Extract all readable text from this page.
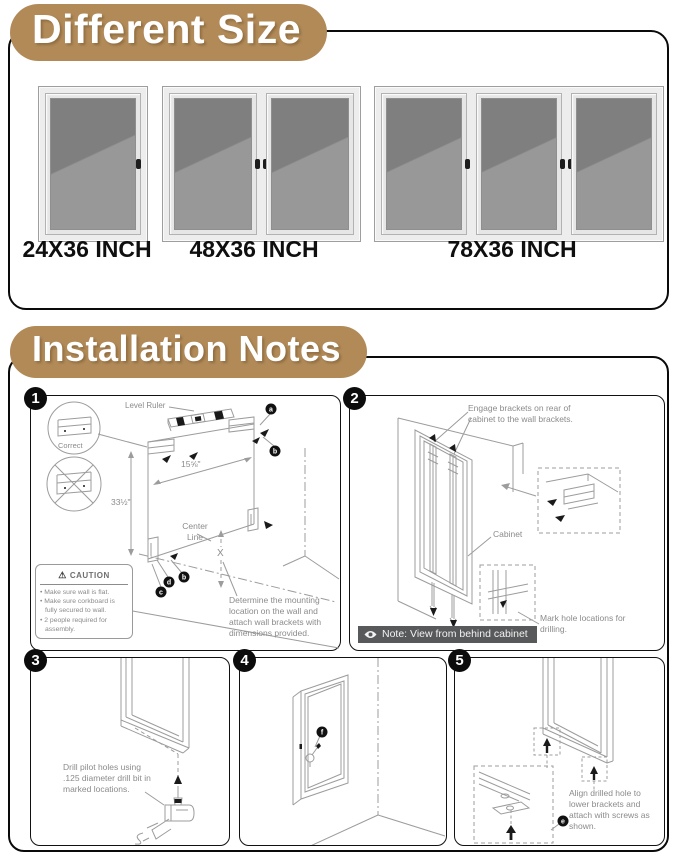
Different Size
24X36 INCH	48X36 INCH	78X36 INCH
Installation Notes
1
a
b
c
d
b
Level Ruler
Correct
15⅝"
33½"
Center
Line
X
Determine the mounting location on the wall and attach wall brackets with dimensions provided.
⚠ CAUTION
• Make sure wall is flat.
• Make sure corkboard is fully secured to wall.
• 2 people required for assembly.
2
Engage brackets on rear of cabinet to the wall brackets.
Cabinet
Mark hole locations for drilling.
Note: View from behind cabinet
3
Drill pilot holes using .125 diameter drill bit in marked locations.
4
f
5
e
Align drilled hole to lower brackets and attach with screws as shown.
